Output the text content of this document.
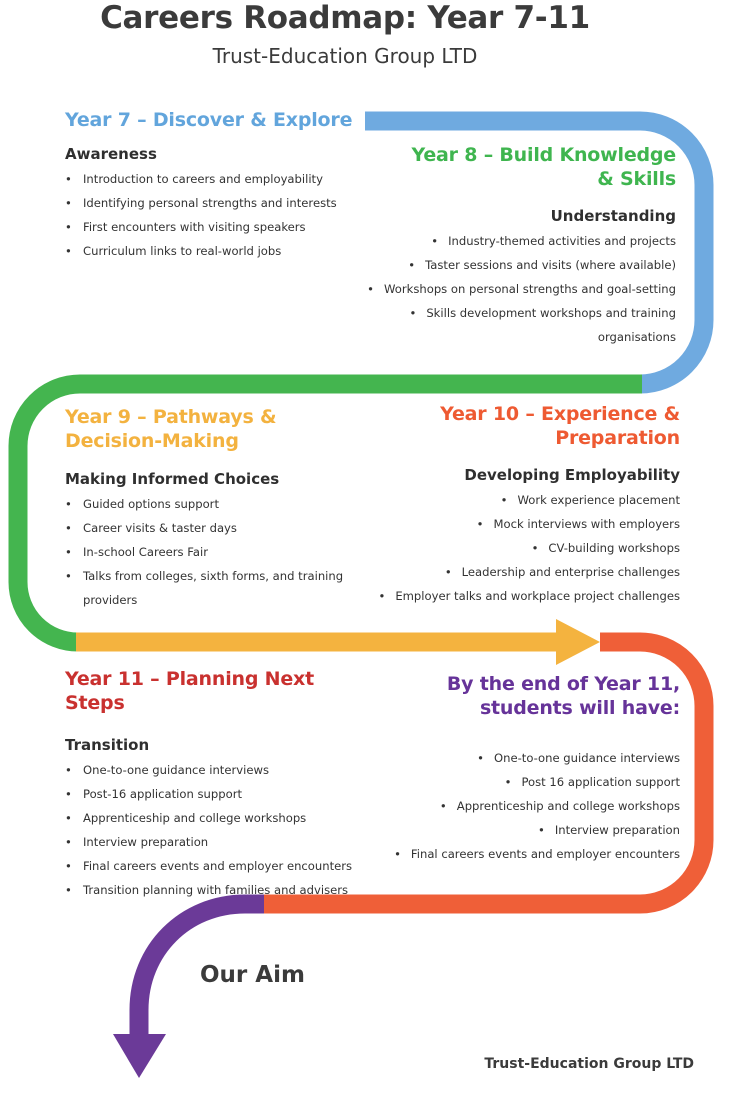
Careers Roadmap: Year 7-11
Trust-Education Group LTD
Year 7 – Discover & Explore
Awareness
• Introduction to careers and employability
• Identifying personal strengths and interests
• First encounters with visiting speakers
• Curriculum links to real-world jobs
Year 8 – Build Knowledge
& Skills
Understanding
• Industry-themed activities and projects
• Taster sessions and visits (where available)
• Workshops on personal strengths and goal-setting
• Skills development workshops and training
organisations
Year 9 – Pathways &
Decision-Making
Making Informed Choices
• Guided options support
• Career visits & taster days
• In-school Careers Fair
• Talks from colleges, sixth forms, and training providers
Year 10 – Experience &
Preparation
Developing Employability
• Work experience placement
• Mock interviews with employers
• CV-building workshops
• Leadership and enterprise challenges
• Employer talks and workplace project challenges
Year 11 – Planning Next Steps
Transition
• One-to-one guidance interviews
• Post-16 application support
• Apprenticeship and college workshops
• Interview preparation
• Final careers events and employer encounters
• Transition planning with families and advisers
By the end of Year 11,
students will have:
• One-to-one guidance interviews
• Post 16 application support
• Apprenticeship and college workshops
• Interview preparation
• Final careers events and employer encounters
Our Aim
Trust-Education Group LTD
